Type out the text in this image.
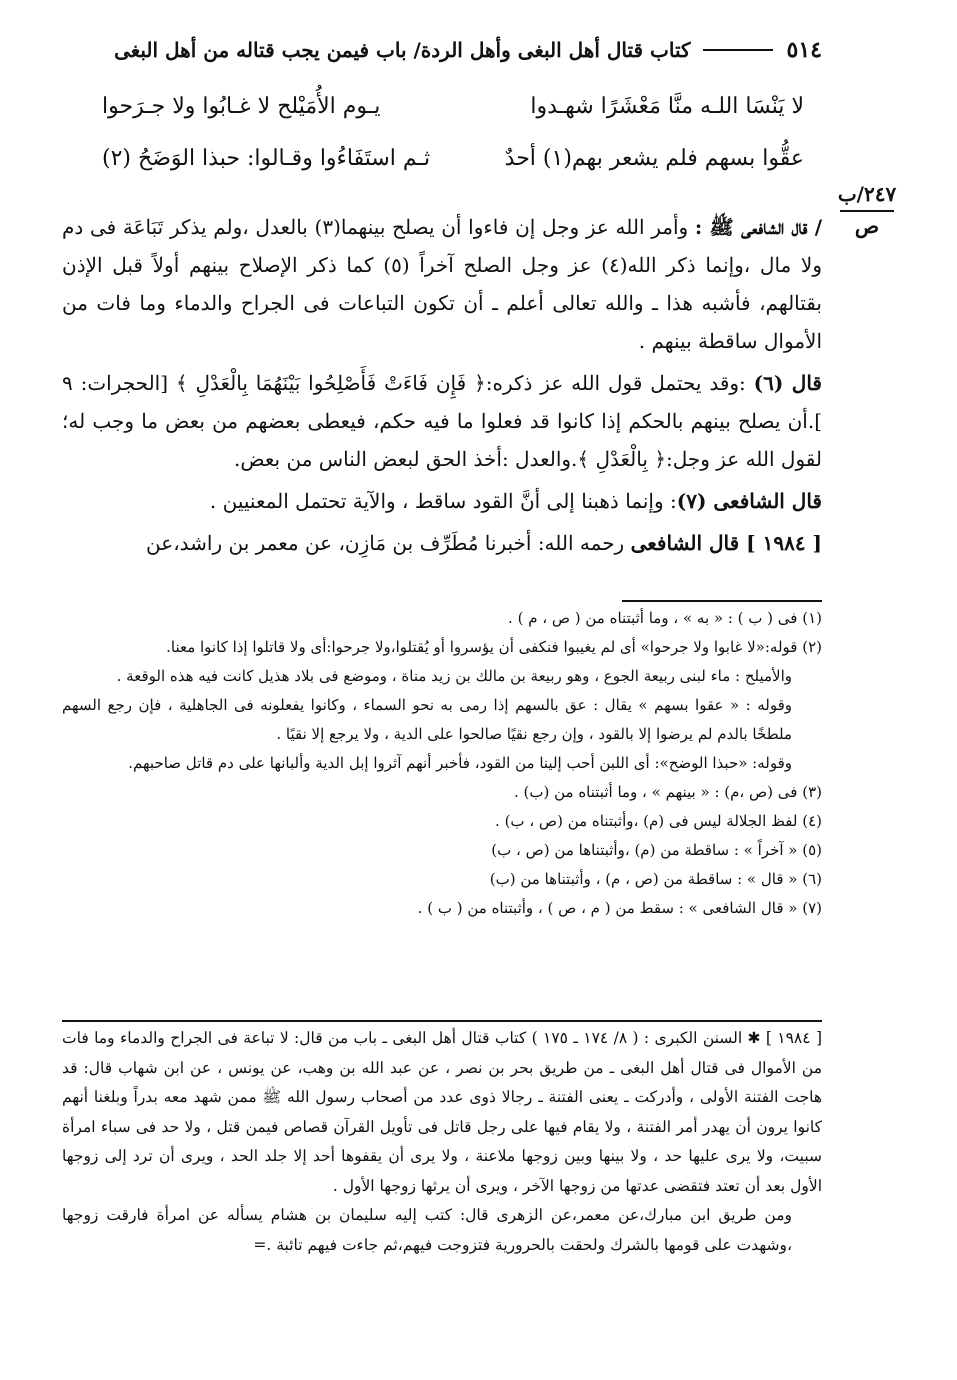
٥١٤
كتاب قتال أهل البغى وأهل الردة/ باب فيمن يجب قتاله من أهل البغى
لا يَنْسَا اللـه منَّا مَعْشَرًا شهـدوا
يـوم الأُمَيْلح لا غـابُوا ولا جـرَحوا
عقُّوا بسهم فلم يشعر بهم(١) أحدٌ
ثـم استَفَاءُوا وقـالوا: حبذا الوَضَحُ (٢)

/ قال الشافعى ﷺ : وأمر الله عز وجل إن فاءوا أن يصلح بينهما(٣) بالعدل ،ولم يذكر تَبَاعَة فى دم ولا مال ،وإنما ذكر الله(٤) عز وجل الصلح آخراً (٥) كما ذكر الإصلاح بينهم أولاً قبل الإذن بقتالهم، فأشبه هذا ـ والله تعالى أعلم ـ أن تكون التباعات فى الجراح والدماء وما فات من الأموال ساقطة بينهم .

قال (٦) :وقد يحتمل قول الله عز ذكره:﴿ فَإِن فَاءَتْ فَأَصْلِحُوا بَيْنَهُمَا بِالْعَدْلِ ﴾ [الحجرات: ٩ ].أن يصلح بينهم بالحكم إذا كانوا قد فعلوا ما فيه حكم، فيعطى بعضهم من بعض ما وجب له؛لقول الله عز وجل:﴿ بِالْعَدْلِ ﴾.والعدل :أخذ الحق لبعض الناس من بعض.

قال الشافعى (٧): وإنما ذهبنا إلى أنَّ القود ساقط ، والآية تحتمل المعنيين .

[ ١٩٨٤ ] قال الشافعى رحمه الله: أخبرنا مُطَرِّف بن مَازِن، عن معمر بن راشد،عن

(١) فى ( ب ) : « به » ، وما أثبتناه من ( ص ، م ) .

(٢) قوله:«لا غابوا ولا جرحوا» أى لم يغيبوا فنكفى أن يؤسروا أو يُقتلوا،ولا جرحوا:أى ولا قاتلوا إذا كانوا معنا.

والأميلح : ماء لبنى ربيعة الجوع ، وهو ربيعة بن مالك بن زيد مناة ، وموضع فى بلاد هذيل كانت فيه هذه الوقعة .

وقوله : « عقوا بسهم » يقال : عق بالسهم إذا رمى به نحو السماء ، وكانوا يفعلونه فى الجاهلية ، فإن رجع السهم ملطخًا بالدم لم يرضوا إلا بالقود ، وإن رجع نقيًا صالحوا على الدية ، ولا يرجع إلا نقيًا .

وقوله: «حبذا الوضح»: أى اللبن أحب إلينا من القود، فأخبر أنهم آثروا إبل الدية وألبانها على دم قاتل صاحبهم.

(٣) فى (ص ،م) : « بينهم » ، وما أثبتناه من (ب) .

(٤) لفظ الجلالة ليس فى (م) ،وأثبتناه من (ص ، ب) .

(٥) « آخراً » : ساقطة من (م) ،وأثبتناها من (ص ، ب)

(٦) « قال » : ساقطة من (ص ، م) ، وأثبتناها من (ب)

(٧) « قال الشافعى » : سقط من ( م ، ص ) ، وأثبتناه من ( ب ) .

[ ١٩٨٤ ] ✱ السنن الكبرى : ( ٨/ ١٧٤ ـ ١٧٥ ) كتاب قتال أهل البغى ـ باب من قال: لا تباعة فى الجراح والدماء وما فات من الأموال فى قتال أهل البغى ـ من طريق بحر بن نصر ، عن عبد الله بن وهب، عن يونس ، عن ابن شهاب قال: قد هاجت الفتنة الأولى ، وأدركت ـ يعنى الفتنة ـ رجالا ذوى عدد من أصحاب رسول الله ﷺ ممن شهد معه بدراً وبلغنا أنهم كانوا يرون أن يهدر أمر الفتنة ، ولا يقام فيها على رجل قاتل فى تأويل القرآن قصاص فيمن قتل ، ولا حد فى سباء امرأة سبيت، ولا يرى عليها حد ، ولا بينها وبين زوجها ملاعنة ، ولا يرى أن يقفوها أحد إلا جلد الحد ، ويرى أن ترد إلى زوجها الأول بعد أن تعتد فتقضى عدتها من زوجها الآخر ، ويرى أن يرثها زوجها الأول .

ومن طريق ابن مبارك،عن معمر،عن الزهرى قال: كتب إليه سليمان بن هشام يسأله عن امرأة فارقت زوجها ،وشهدت على قومها بالشرك ولحقت بالحرورية فتزوجت فيهم،ثم جاءت فيهم تائبة .=

٢٤٧/ب
ص
